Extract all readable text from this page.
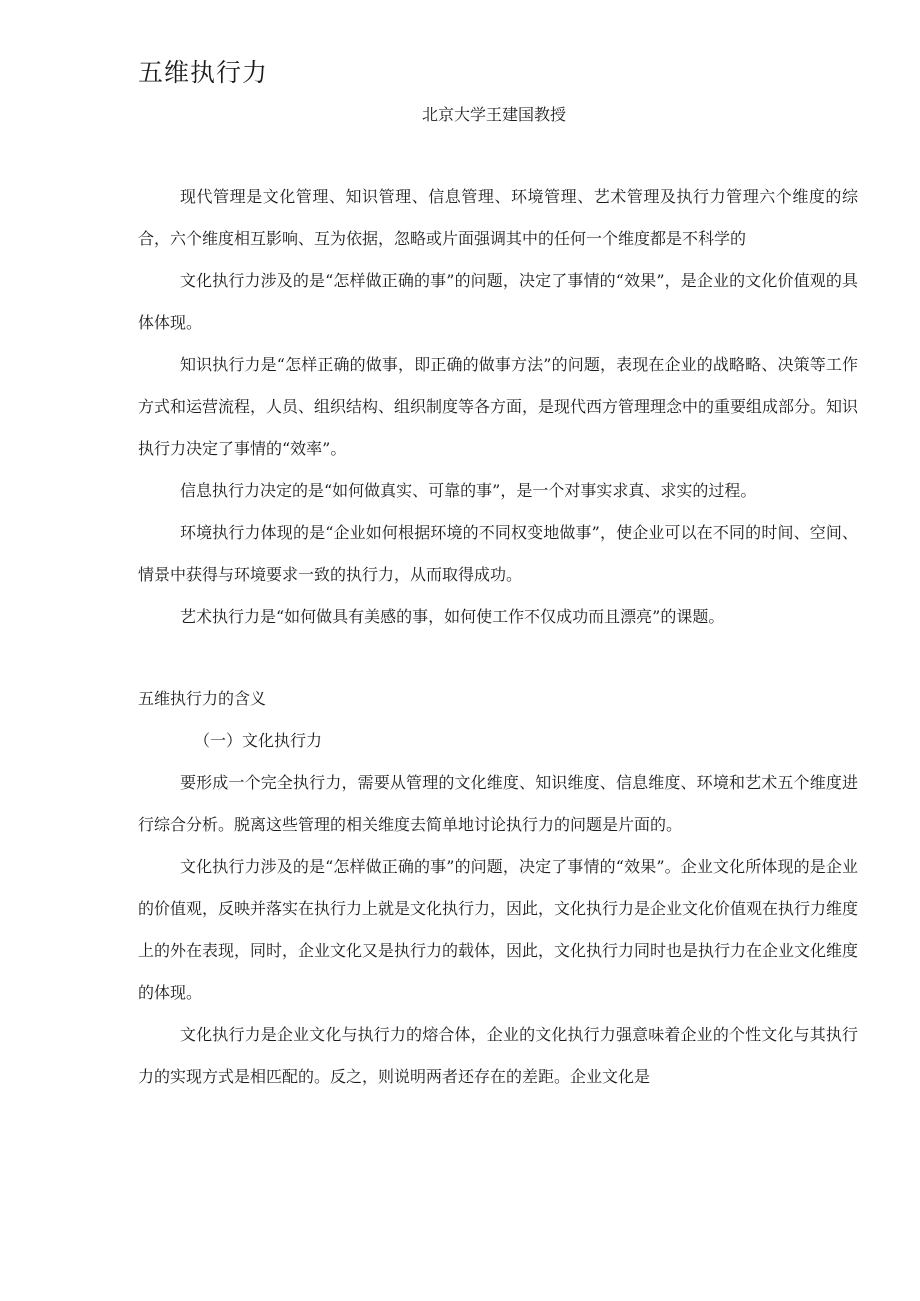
五维执行力

北京大学王建国教授

现代管理是文化管理、知识管理、信息管理、环境管理、艺术管理及执行力管理六个维度的综合，六个维度相互影响、互为依据，忽略或片面强调其中的任何一个维度都是不科学的

文化执行力涉及的是“怎样做正确的事”的问题，决定了事情的“效果”，是企业的文化价值观的具体体现。

知识执行力是“怎样正确的做事，即正确的做事方法”的问题，表现在企业的战略略、决策等工作方式和运营流程，人员、组织结构、组织制度等各方面，是现代西方管理理念中的重要组成部分。知识执行力决定了事情的“效率”。

信息执行力决定的是“如何做真实、可靠的事”，是一个对事实求真、求实的过程。

环境执行力体现的是“企业如何根据环境的不同权变地做事”，使企业可以在不同的时间、空间、情景中获得与环境要求一致的执行力，从而取得成功。

艺术执行力是“如何做具有美感的事，如何使工作不仅成功而且漂亮”的课题。

五维执行力的含义

（一）文化执行力

要形成一个完全执行力，需要从管理的文化维度、知识维度、信息维度、环境和艺术五个维度进行综合分析。脱离这些管理的相关维度去简单地讨论执行力的问题是片面的。

文化执行力涉及的是“怎样做正确的事”的问题，决定了事情的“效果”。企业文化所体现的是企业的价值观，反映并落实在执行力上就是文化执行力，因此，文化执行力是企业文化价值观在执行力维度上的外在表现，同时，企业文化又是执行力的载体，因此，文化执行力同时也是执行力在企业文化维度的体现。

文化执行力是企业文化与执行力的熔合体，企业的文化执行力强意味着企业的个性文化与其执行力的实现方式是相匹配的。反之，则说明两者还存在的差距。企业文化是
